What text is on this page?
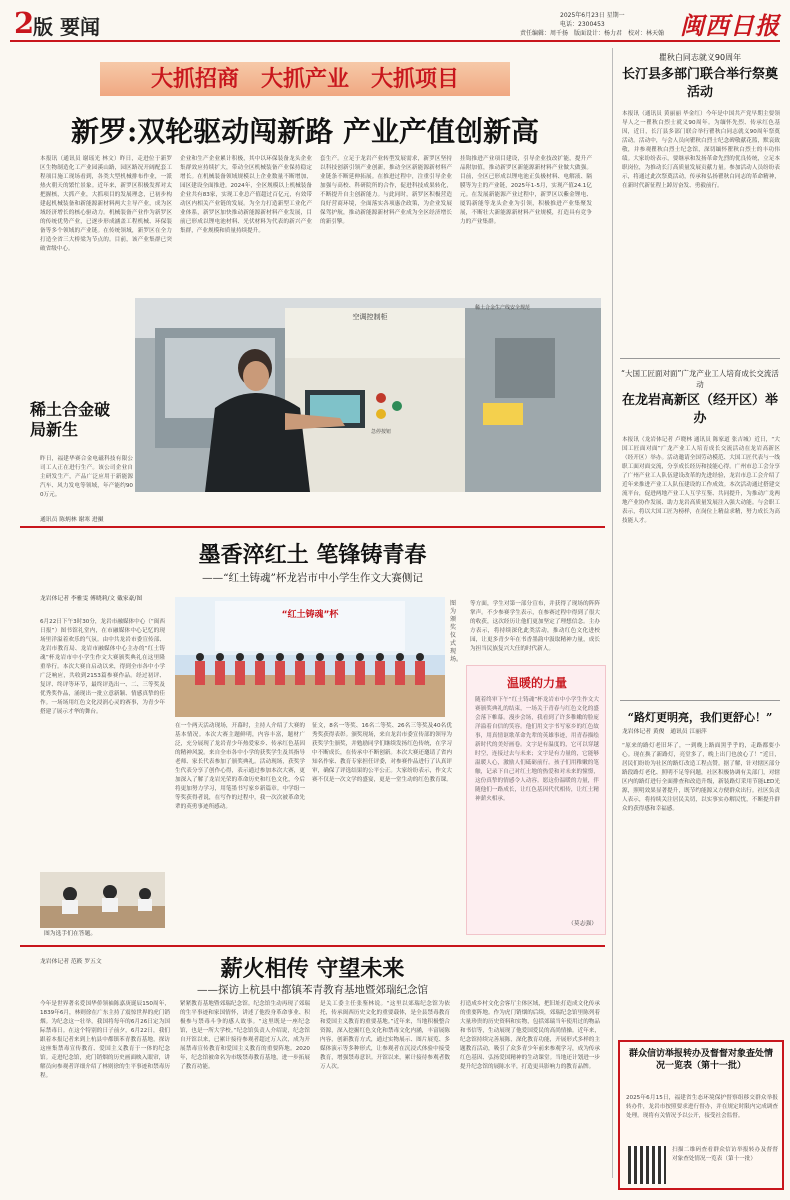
2
版 要闻	2025年6月23日 星期一
电话：2300453
责任编辑：周千扬　版面设计：杨力君　校对：林天翰 闽西日报
大抓招商　大抓产业　大抓项目
新罗:双轮驱动闯新路 产业产值创新高
本报讯（通讯员 谢瑶光 林文）昨日，走进位于新罗区生物制造化工产业园溪山路，园区路况开阔配套工程项目施工现场看到，各类大型机械排布作业，一派热火朝天的繁忙景象。近年来，新罗区积极发挥对太把握核，大抓产业，大抓项目的发展理念，已初步构建起机械装备和新能源新材料两大主导产业，成为区域经济增长的核心驱动力。机械装备产业作为新罗区的传统优势产业，已逐步形成涵盖工程机械、环保装备等多个领域的产业链。在传统领域，新罗区在全力打造全省三大桥梁为节点的。目前，该产业集群已突破省级中心。
企业和生产企业累计积极，其中以环保装备龙头企业集群效应持续扩大，带动全区机械装备产业保持稳定增长。在机械装备领域规模以上企业数量不断增加，园区建设全面推进。2024年，全区规模以上机械装备企业共有83家，实现工业总产值超过百亿元，有效带动区内相关产业链的发展。为全力打造新型工业化产业体系，新罗区加快推动新能源新材料产业发展，目前已形成以锂电池材料、光伏材料为代表的新兴产业集群，产业规模和质量持续提升。
套生产。立足于龙岩产业转型发展需求，新罗区坚持以科技创新引领产业创新，推动全区新能源新材料产业链条不断延伸拓展。在推进过程中，注重引导企业加强与高校、科研院所的合作，促进科技成果转化，不断提升自主创新能力。与此同时，新罗区积极营造良好营商环境，全面落实各项惠企政策，为企业发展保驾护航，推动新能源新材料产业成为全区经济增长的新引擎。
挂钩推进产业项目建设，引导企业技改扩能，提升产品附加值，推动新罗区新能源新材料产业做大做强。目前，全区已形成以锂电池正负极材料、电解液、隔膜等为主的产业链，2025年1-5月，实现产值24.1亿元。在发展新能源产业过程中，新罗区以紫金锂电、厦钨新能等龙头企业为引领，积极推进产业集聚发展，不断壮大新能源新材料产业规模，打造具有竞争力的产业集群。
空调控制柜
稀土合金生产线安全规范
急停按钮
稀土合金破局新生
昨日，福建华赛合金电磁科技有限公司工人正在进行生产。该公司企业自主研发生产，产品广泛应用于新能源汽车、风力发电等领域，年产能约900万元。
通讯员 陈炳林 谢寒 进摄
瞿秋白同志就义90周年
长汀县多部门联合举行祭奠活动
本报讯（通讯员 黄丽丽 毕金红）今年是中国共产党早期主要领导人之一瞿秋白烈士就义90周年。为缅怀先烈、传承红色基因，近日，长汀县多部门联合举行瞿秋白同志就义90周年祭奠活动。活动中，与会人员向瞿秋白烈士纪念碑敬献花篮，默哀致敬，并参观瞿秋白烈士纪念馆，深切缅怀瞿秋白烈士的丰功伟绩。大家纷纷表示，要继承和发扬革命先烈的优良传统，立足本职岗位，为推动长汀高质量发展贡献力量。参加活动人员纷纷表示，将通过此次祭奠活动，传承和弘扬瞿秋白同志的革命精神，在新时代新征程上踔厉奋发、勇毅前行。
“大国工匠面对面”广龙产业工人培育成长交流活动
在龙岩高新区（经开区）举办
本报讯（龙岩体记者 卢晓林 通讯员 陈家道 张吉城）近日，“大国工匠面对面”广龙产业工人培育成长交流活动在龙岩高新区（经开区）举办。活动邀请全国劳动模范、大国工匠代表与一线职工面对面交流，分享成长经历和技能心得。广州市总工会分享了广州产业工人队伍建设改革的先进经验，龙岩市总工会介绍了近年来推进产业工人队伍建设的工作成效。本次活动通过搭建交流平台，促进两地产业工人互学互鉴、共同提升，为推动广龙两地产业协作发展、助力龙岩高质量发展注入强大动能。与会职工表示，将以大国工匠为榜样，在岗位上精益求精，努力成长为高技能人才。
“路灯更明亮，我们更舒心！”
龙岩体记者 黄俊　通讯员 江丽萍
“原来的路灯老旧坏了，一到晚上路面黑乎乎的，走路都要小心。现在换了新路灯，亮堂多了，晚上出门也放心了！”近日，居民们纷纷为社区的路灯改造工程点赞。据了解，针对辖区部分路段路灯老化、照明不足等问题，社区积极协调有关部门，对辖区内的路灯进行全面排查和改造升级，新装路灯采用节能LED光源，照明效果显著提升，既节约能源又方便群众出行。社区负责人表示，将持续关注居民关切，以实事实办解民忧，不断提升群众的获得感和幸福感。
群众信访举报转办及督督对象查处情况一览表（第十一批）
2025年6月15日，福建省生态环境保护督察组移交群众举报转办件，龙岩市按照要求进行督办，并在规定时限内完成调查处理。现将有关情况予以公开，接受社会监督。
扫描二维码查看群众信访举报转办及督督对象查处情况一览表（第十一批）
墨香淬红土 笔锋铸青春
——“红土铸魂”杯龙岩市中小学生作文大赛侧记
龙岩体记者 李雅雯 傅晓莉/文 戴家豪/图
6月22日下午3时30分，龙岩市融媒体中心（“闽西日报”）图书馆礼堂内，在市融媒体中心记忆的现场里洋溢着欢乐的气氛。由中共龙岩市委宣传部、龙岩市教育局、龙岩市融媒体中心主办的“红土铸魂”杯龙岩市中小学生作文大赛颁奖典礼在这里隆重举行。本次大赛自启动以来，得到全市各中小学广泛响应，共收到2153篇参赛作品。经过初评、复评、终评等环节，最终评选出一、二、三等奖及优秀奖作品，涌现出一批立意新颖、情感真挚的佳作。一场场用红色文化浸润心灵的赛事，为青少年搭建了展示才华的舞台。
“红土铸魂”杯
图为颁奖仪式现场。
在一个两天活动现场，开幕时，主持人介绍了大赛的基本情况。本次大赛主题鲜明，内容丰富，题材广泛，充分展现了龙岩青少年热爱家乡、传承红色基因的精神风貌。来自全市各中小学的获奖学生及其指导老师、家长代表参加了颁奖典礼。活动现场，获奖学生代表分享了创作心得，表示通过参加本次大赛，更加深入了解了龙岩光荣的革命历史和红色文化，今后将更加努力学习，用笔墨书写家乡新篇章。中学组一等奖获得者说，在写作的过程中，我一次次被革命先辈的英勇事迹所感动。
征文，8名一等奖、16名二等奖、26名三等奖及40名优秀奖获得表彰。颁奖现场，来自龙岩市委宣传部的领导为获奖学生颁奖，并勉励同学们继续发扬红色传统，在学习中不断成长，在传承中不断创新。本次大赛还邀请了省内知名作家、教育专家担任评委，对参赛作品进行了认真评审，确保了评选结果的公平公正。大家纷纷表示，作文大赛不仅是一次文学的盛宴，更是一堂生动的红色教育课。
等方面，学生对第一部分宣布，并获得了现场的阵阵掌声。不少参赛学生表示，在参赛过程中得到了很大的收获，这次经历让他们更加坚定了理想信念。主办方表示，将持续深化此类活动，推动红色文化进校园，让更多青少年在书香墨韵中汲取精神力量，成长为担当民族复兴大任的时代新人。
图为选手们在答题。
温暖的力量
随着终审下午“红土铸魂”杯龙岩市中小学生作文大赛颁奖典礼的结束，一场关于青春与红色文化的盛会落下帷幕。漫步会场，我看到了许多稚嫩的脸庞洋溢着自信的笑容。他们用文字书写家乡的红色故事，用真情讴歌革命先辈的英雄事迹，用青春描绘新时代的美好画卷。文字是有温度的，它可以穿越时空，连接过去与未来；文字是有力量的，它能够温暖人心，激励人们砥砺前行。孩子们用稚嫩的笔触，记录下自己对红土地的热爱和对未来的憧憬，这份真挚的情感令人动容。愿这份温暖的力量，伴随他们一路成长，让红色基因代代相传，让红土精神薪火相承。
（莫志强）
薪火相传 守望未来
——探访上杭县中都镇苯青教育基地暨郊瑞纪念馆
龙岩体记者 范筱 罗五文
今年是世界著名爱国华侨领袖陈嘉庚诞辰150周年，1839年6月，林则徐在广东主持了震惊世界的虎门销烟。为纪念这一壮举，我国将每年的6月26日定为国际禁毒日。在这个特别的日子前夕，6月22日，我们跟着本报记者来到上杭县中都镇苯青教育基地，探访这座集禁毒宣传教育、爱国主义教育于一体的纪念馆。走进纪念馆，虎门销烟的历史画面映入眼帘，讲解员向参观者详细介绍了林则徐的生平事迹和禁毒历程。
紧紧教育基地暨郊瑞纪念馆。纪念馆生动再现了郊瑞的生平事迹和家国情怀，讲述了他投身革命事业、积极参与禁毒斗争的感人故事。“这里既是一座纪念馆，也是一所大学校。”纪念馆负责人介绍说，纪念馆自开馆以来，已累计接待参观者超过万人次，成为开展禁毒宣传教育和爱国主义教育的重要阵地。2020年，纪念馆被命名为市级禁毒教育基地，进一步拓展了教育功能。
是关工委主任张鉴林说。“这里以郊瑞纪念馆为依托，传承闽西历史文化的重要载体，是全县禁毒教育和爱国主义教育的重要基地。”近年来，当地积极整合资源，深入挖掘红色文化和禁毒文化内涵，丰富展陈内容，创新教育方式，通过实物展示、图片展览、多媒体演示等多种形式，让参观者在沉浸式体验中接受教育，增强禁毒意识。开馆以来，累计接待参观者数万人次。
打造成乡村文化会客厅主体区域，把旧址打造成文化传承的重要阵地。作为虎门销烟的后续，郊瑞纪念馆里陈列着大量珍贵的历史资料和实物，包括郊瑞当年使用过的物品和书信等，生动展现了他爱国爱民的高尚情操。近年来，纪念馆持续完善展陈，深化教育功能，开展形式多样的主题教育活动，吸引了众多青少年前来参观学习，成为传承红色基因、弘扬爱国精神的生动课堂。当地还计划进一步提升纪念馆的展陈水平，打造更具影响力的教育品牌。
